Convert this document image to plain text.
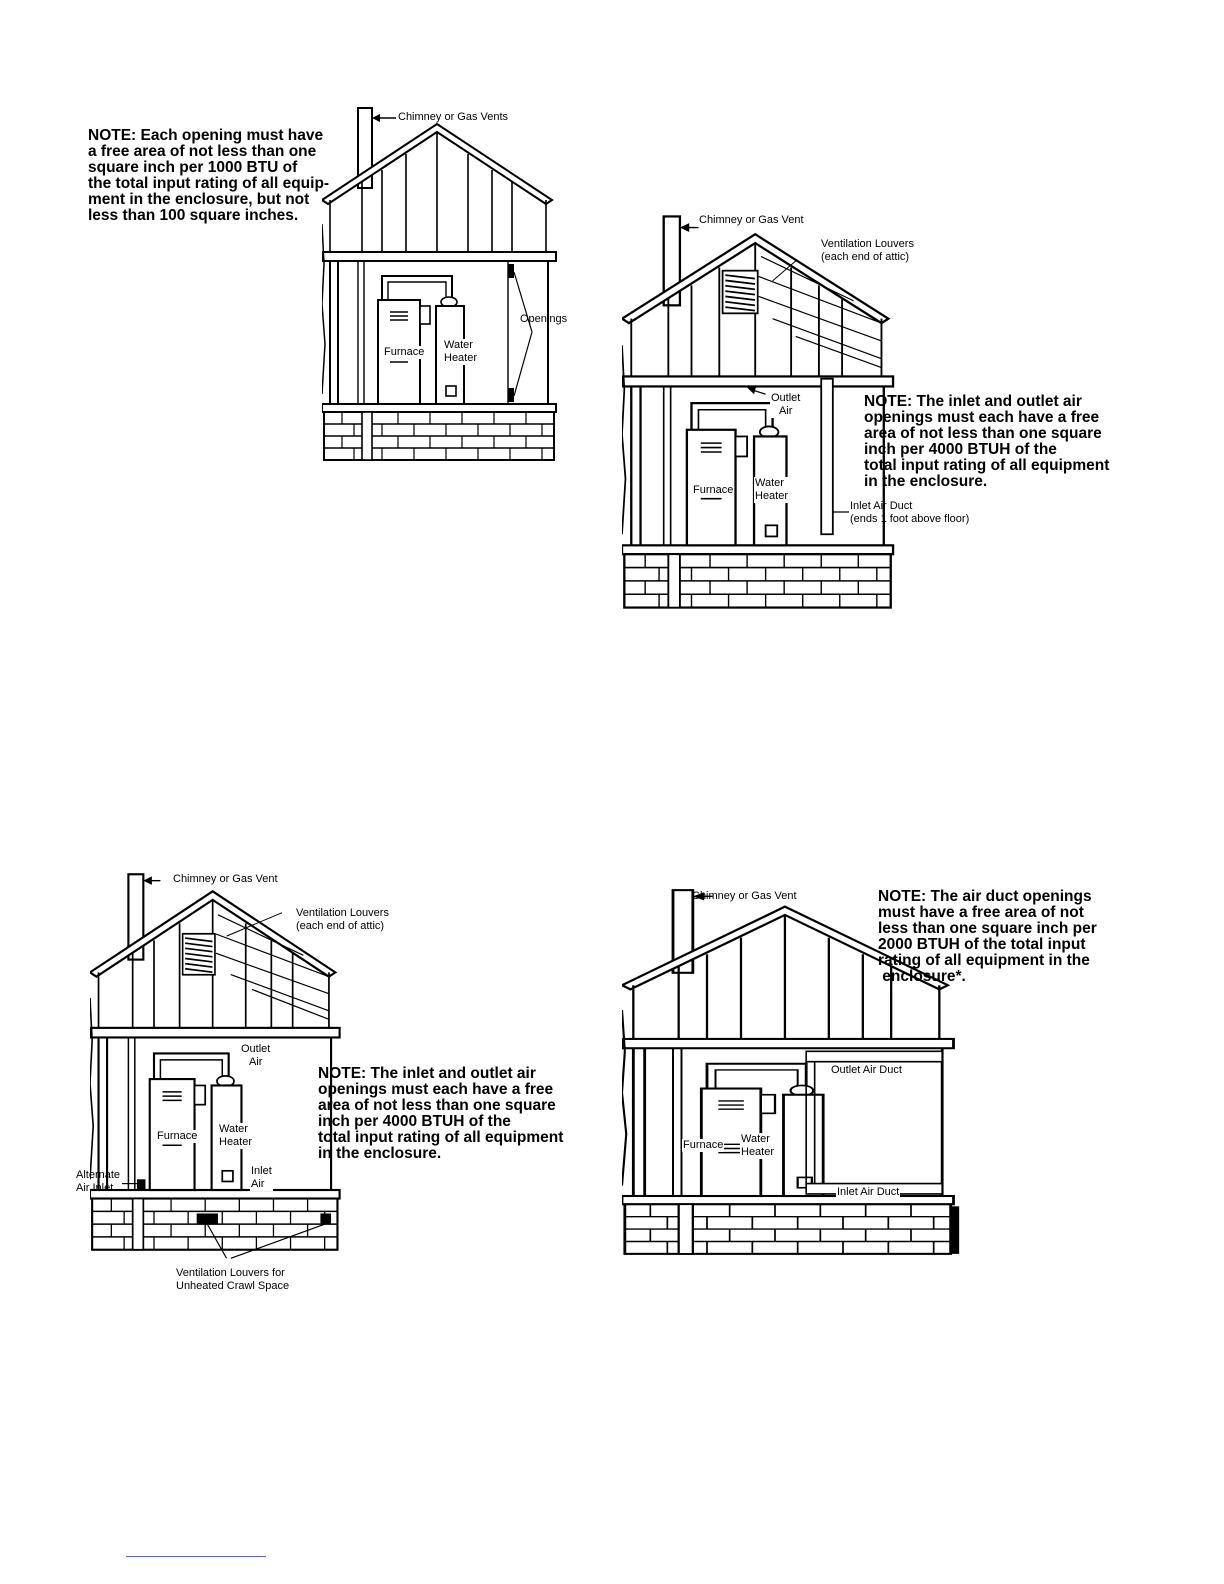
NOTE: Each opening must have
a free area of not less than one
square inch per 1000 BTU of
the total input rating of all equip-
ment in the enclosure, but not
less than 100 square inches.
Chimney or Gas Vents
Openings
Furnace
Water
Heater
Chimney or Gas Vent
Ventilation Louvers
(each end of attic)
Outlet
Air
NOTE: The inlet and outlet air
openings must each have a free
area of not less than one square
inch per 4000 BTUH of the
total input rating of all equipment
in the enclosure.
Inlet Air Duct
(ends 1 foot above floor)
Furnace
Water
Heater
Chimney or Gas Vent
Ventilation Louvers
(each end of attic)
Outlet
Air
NOTE: The inlet and outlet air
openings must each have a free
area of not less than one square
inch per 4000 BTUH of the
total input rating of all equipment
in the enclosure.
Alternate
Air Inlet
Inlet
Air
Ventilation Louvers for
Unheated Crawl Space
Furnace
Water
Heater
Chimney or Gas Vent	NOTE: The air duct openings
must have a free area of not
less than one square inch per
2000 BTUH of the total input
rating of all equipment in the
enclosure*.
Outlet Air Duct
Inlet Air Duct
Furnace Water
Heater
